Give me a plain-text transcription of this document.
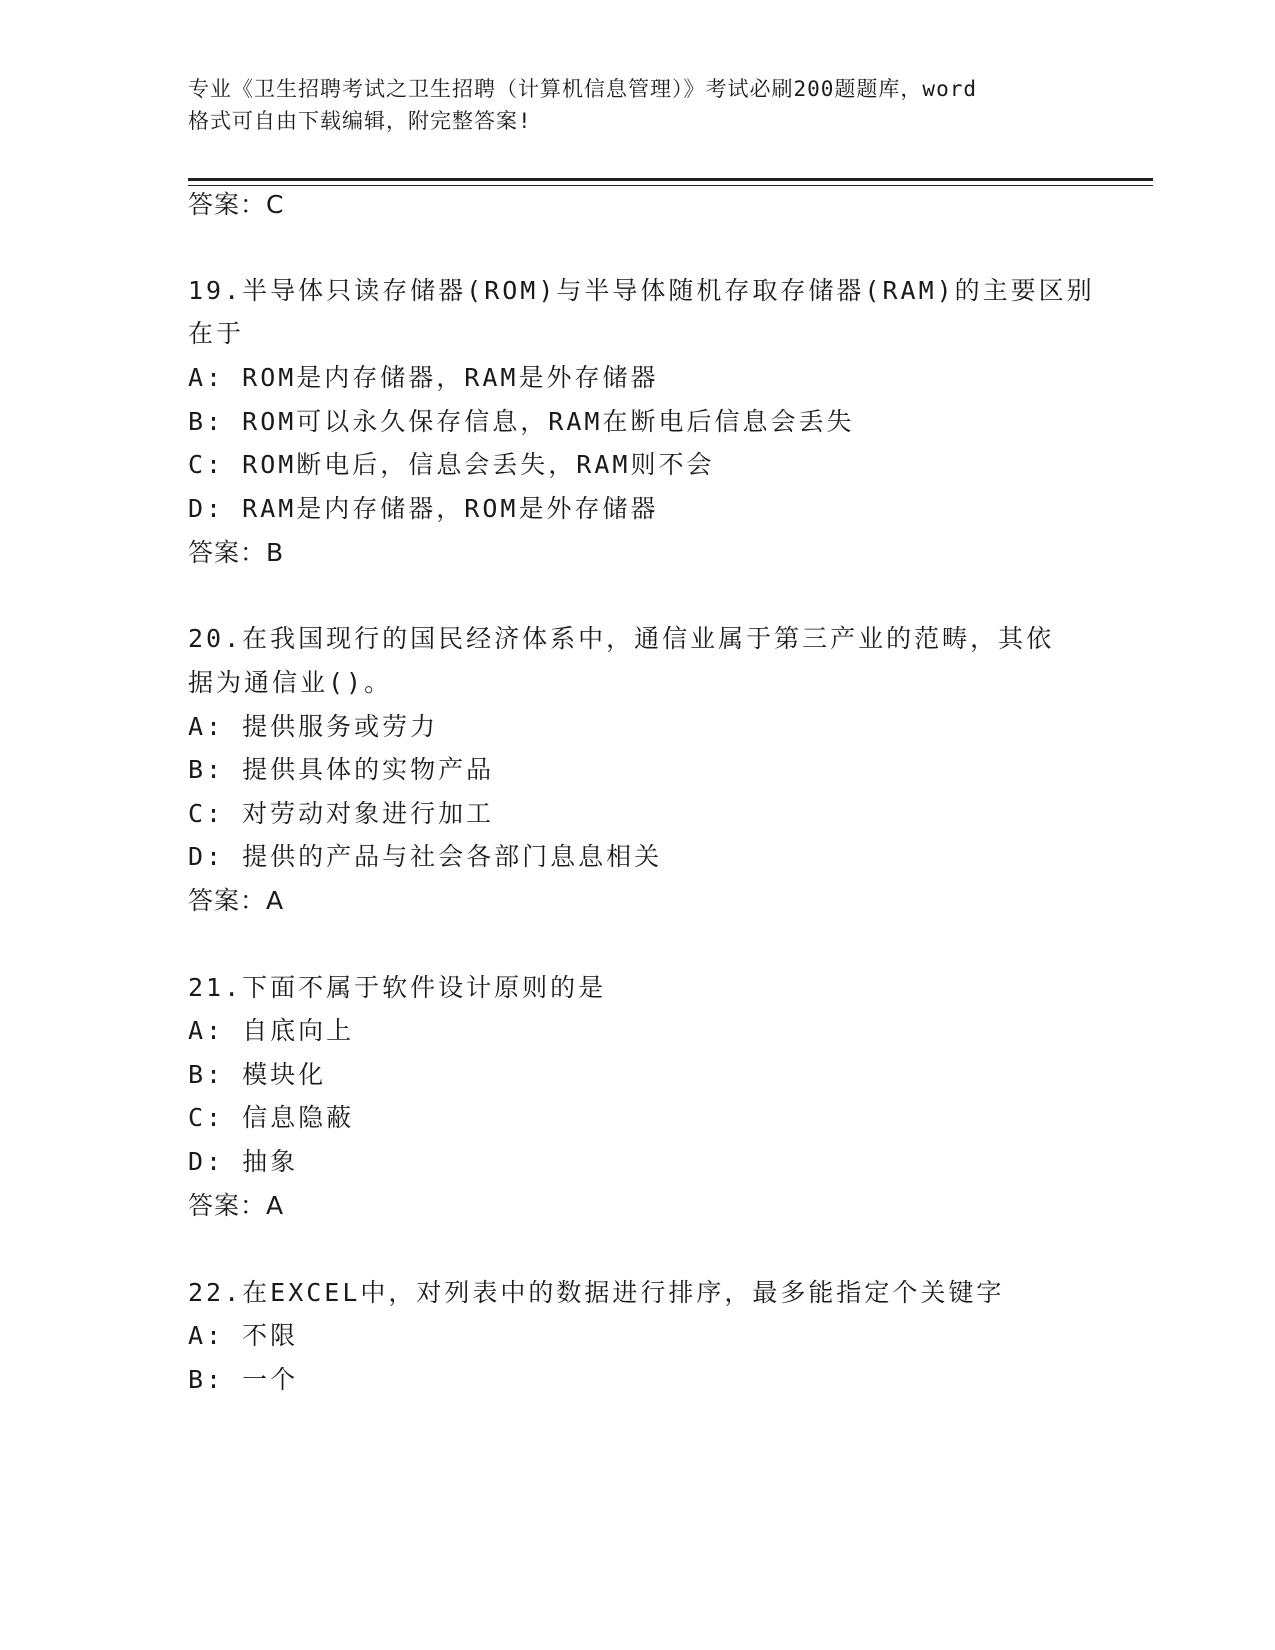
专业《卫生招聘考试之卫生招聘（计算机信息管理）》考试必刷200题题库，word
格式可自由下载编辑，附完整答案!
答案：C
19.半导体只读存储器(ROM)与半导体随机存取存储器(RAM)的主要区别
在于
A: ROM是内存储器，RAM是外存储器
B: ROM可以永久保存信息，RAM在断电后信息会丢失
C: ROM断电后，信息会丢失，RAM则不会
D: RAM是内存储器，ROM是外存储器
答案：B
20.在我国现行的国民经济体系中，通信业属于第三产业的范畴，其依
据为通信业()。
A: 提供服务或劳力
B: 提供具体的实物产品
C: 对劳动对象进行加工
D: 提供的产品与社会各部门息息相关
答案：A
21.下面不属于软件设计原则的是
A: 自底向上
B: 模块化
C: 信息隐蔽
D: 抽象
答案：A
22.在EXCEL中，对列表中的数据进行排序，最多能指定个关键字
A: 不限
B: 一个
